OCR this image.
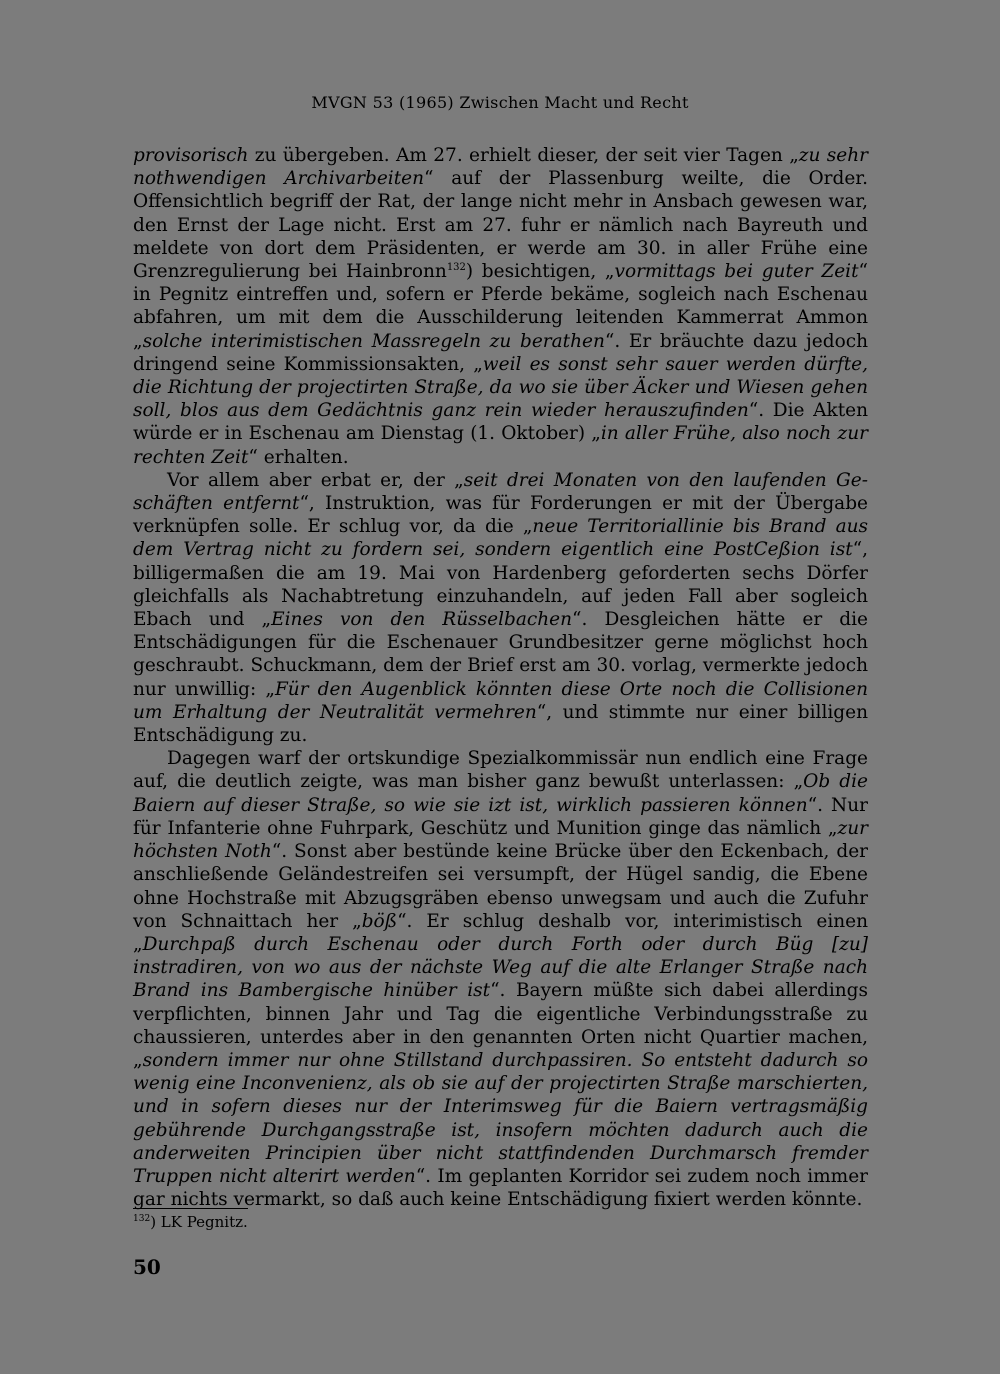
MVGN 53 (1965) Zwischen Macht und Recht

provisorisch zu übergeben. Am 27. erhielt dieser, der seit vier Tagen „zu sehr nothwendigen Archivarbeiten“ auf der Plassenburg weilte, die Order. Offensichtlich begriff der Rat, der lange nicht mehr in Ansbach gewesen war, den Ernst der Lage nicht. Erst am 27. fuhr er nämlich nach Bayreuth und meldete von dort dem Präsidenten, er werde am 30. in aller Frühe eine Grenzregulierung bei Hainbronn$^{132}$) besichtigen, „vormittags bei guter Zeit“ in Pegnitz eintreffen und, sofern er Pferde bekäme, sogleich nach Eschenau abfahren, um mit dem die Ausschilderung leitenden Kammerrat Ammon „solche interimistischen Massregeln zu berathen“. Er bräuchte dazu jedoch dringend seine Kommissionsakten, „weil es sonst sehr sauer werden dürfte, die Richtung der projectirten Straße, da wo sie über Äcker und Wiesen gehen soll, blos aus dem Gedächtnis ganz rein wieder herauszufinden“. Die Akten würde er in Eschenau am Dienstag (1. Oktober) „in aller Frühe, also noch zur rechten Zeit“ erhalten.

Vor allem aber erbat er, der „seit drei Monaten von den laufenden Geschäften entfernt“, Instruktion, was für Forderungen er mit der Übergabe verknüpfen solle. Er schlug vor, da die „neue Territoriallinie bis Brand aus dem Vertrag nicht zu fordern sei, sondern eigentlich eine PostCeßion ist“, billigermaßen die am 19. Mai von Hardenberg geforderten sechs Dörfer gleichfalls als Nachabtretung einzuhandeln, auf jeden Fall aber sogleich Ebach und „Eines von den Rüsselbachen“. Desgleichen hätte er die Entschädigungen für die Eschenauer Grundbesitzer gerne möglichst hoch geschraubt. Schuckmann, dem der Brief erst am 30. vorlag, vermerkte jedoch nur unwillig: „Für den Augenblick könnten diese Orte noch die Collisionen um Erhaltung der Neutralität vermehren“, und stimmte nur einer billigen Entschädigung zu.

Dagegen warf der ortskundige Spezialkommissär nun endlich eine Frage auf, die deutlich zeigte, was man bisher ganz bewußt unterlassen: „Ob die Baiern auf dieser Straße, so wie sie izt ist, wirklich passieren können“. Nur für Infanterie ohne Fuhrpark, Geschütz und Munition ginge das nämlich „zur höchsten Noth“. Sonst aber bestünde keine Brücke über den Eckenbach, der anschließende Geländestreifen sei versumpft, der Hügel sandig, die Ebene ohne Hochstraße mit Abzugsgräben ebenso unwegsam und auch die Zufuhr von Schnaittach her „böß“. Er schlug deshalb vor, interimistisch einen „Durchpaß durch Eschenau oder durch Forth oder durch Büg [zu] instradiren, von wo aus der nächste Weg auf die alte Erlanger Straße nach Brand ins Bambergische hinüber ist“. Bayern müßte sich dabei allerdings verpflichten, binnen Jahr und Tag die eigentliche Verbindungsstraße zu chaussieren, unterdes aber in den genannten Orten nicht Quartier machen, „sondern immer nur ohne Stillstand durchpassiren. So entsteht dadurch so wenig eine Inconvenienz, als ob sie auf der projectirten Straße marschierten, und in sofern dieses nur der Interimsweg für die Baiern vertragsmäßig gebührende Durchgangsstraße ist, insofern möchten dadurch auch die anderweiten Principien über nicht stattfindenden Durchmarsch fremder Truppen nicht alterirt werden“. Im geplanten Korridor sei zudem noch immer gar nichts vermarkt, so daß auch keine Entschädigung fixiert werden könnte.

$^{132}$) LK Pegnitz.
50
